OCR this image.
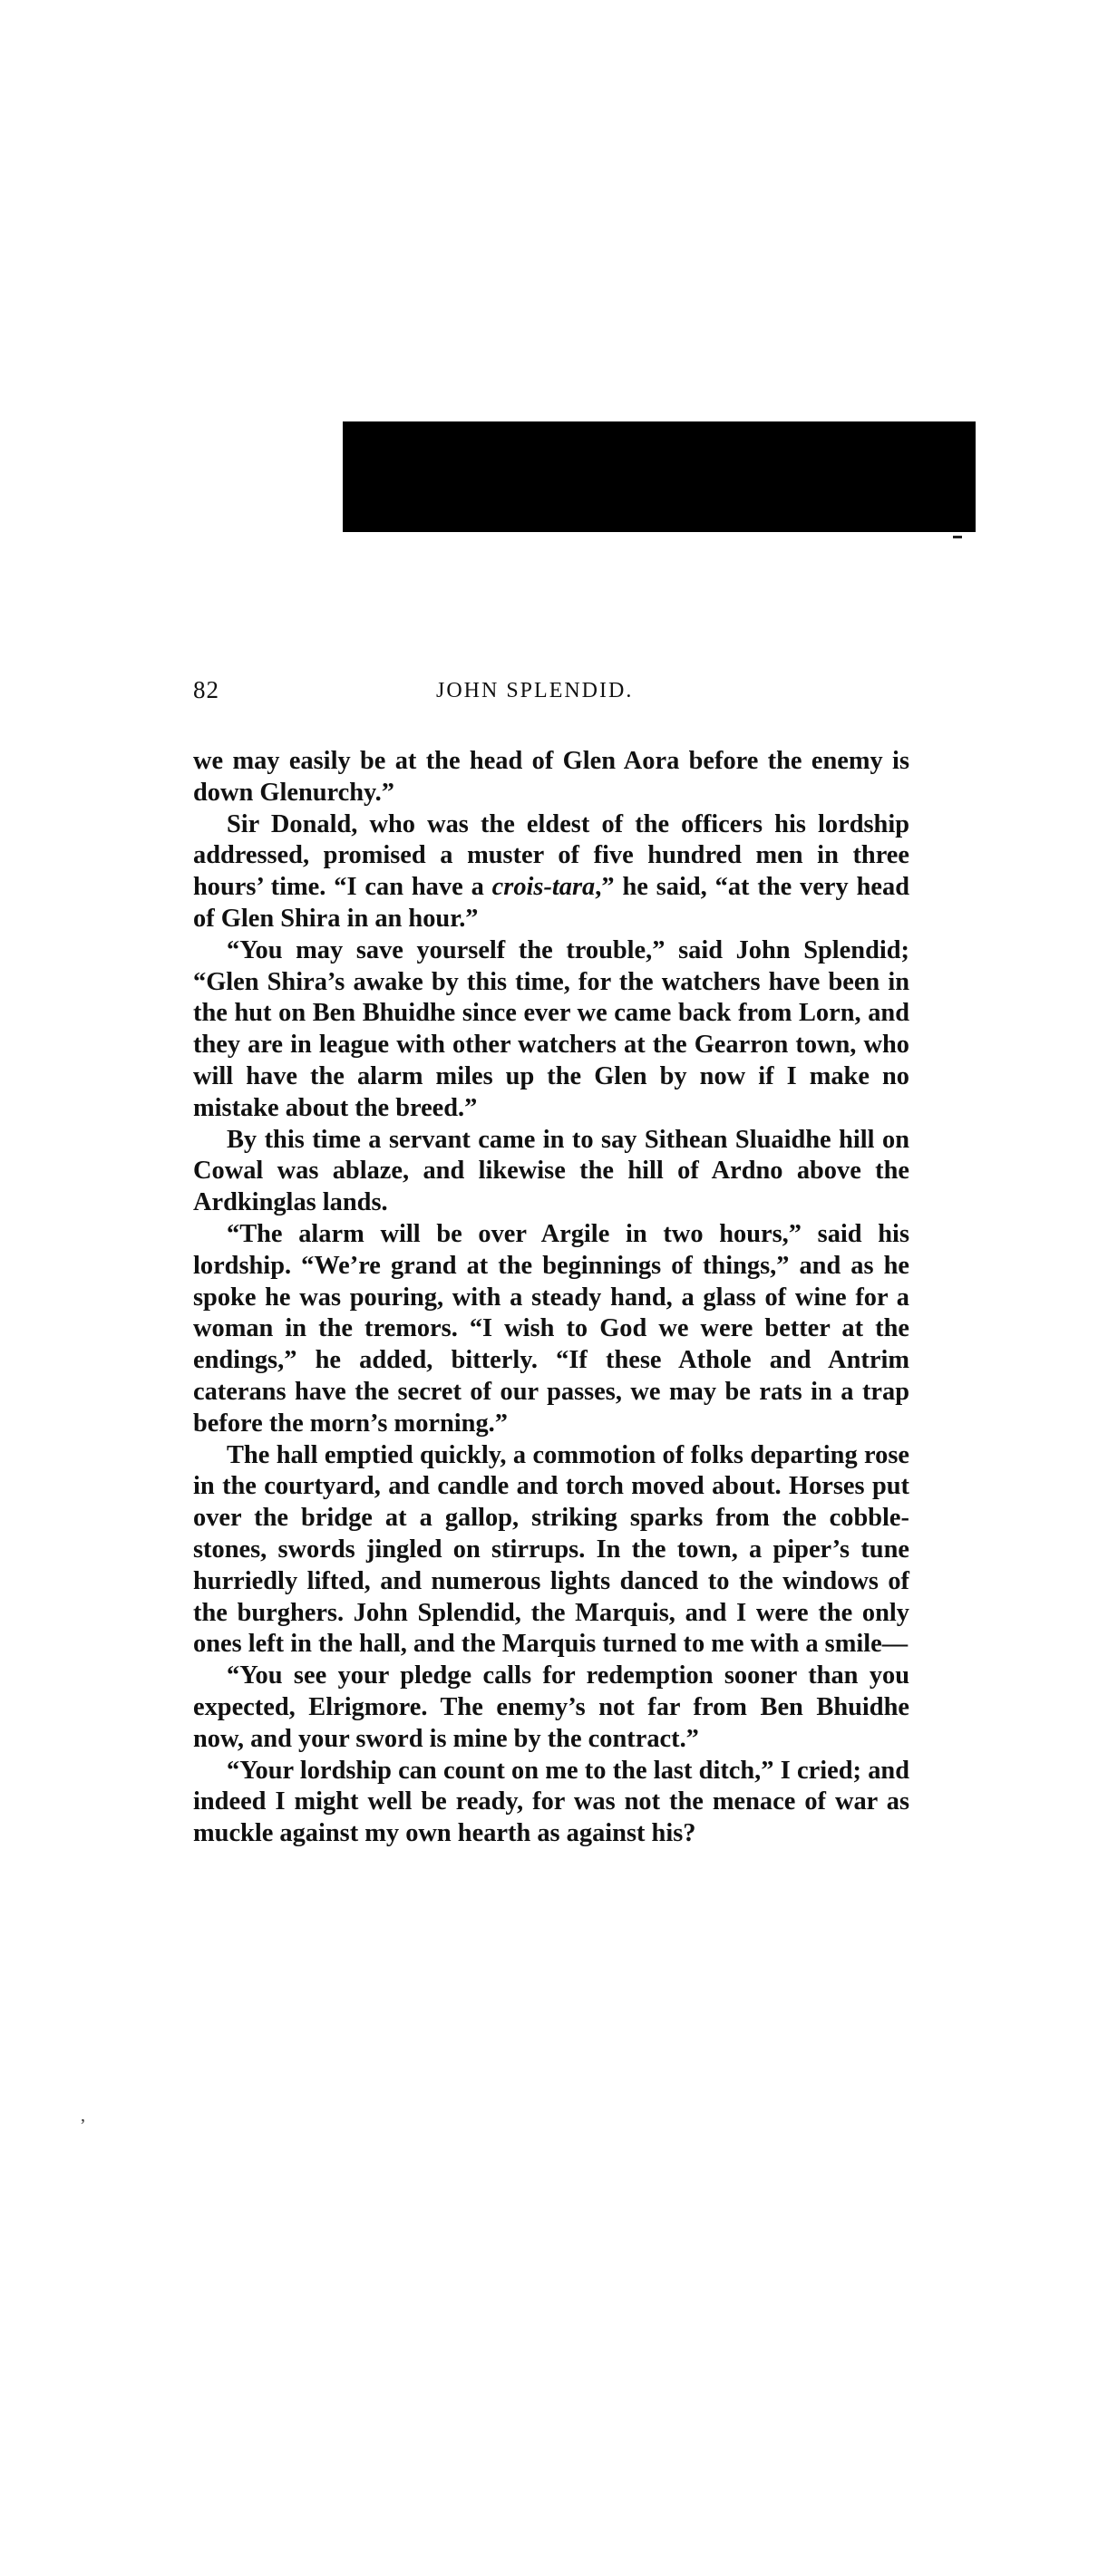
82	JOHN SPLENDID.

we may easily be at the head of Glen Aora before the enemy is down Glenurchy.”

Sir Donald, who was the eldest of the officers his lordship addressed, promised a muster of five hundred men in three hours’ time. “I can have a crois-tara,” he said, “at the very head of Glen Shira in an hour.”

“You may save yourself the trouble,” said John Splendid; “Glen Shira’s awake by this time, for the watchers have been in the hut on Ben Bhuidhe since ever we came back from Lorn, and they are in league with other watchers at the Gearron town, who will have the alarm miles up the Glen by now if I make no mistake about the breed.”

By this time a servant came in to say Sithean Sluaidhe hill on Cowal was ablaze, and likewise the hill of Ardno above the Ardkinglas lands.

“The alarm will be over Argile in two hours,” said his lordship. “We’re grand at the beginnings of things,” and as he spoke he was pouring, with a steady hand, a glass of wine for a woman in the tremors. “I wish to God we were better at the endings,” he added, bitterly. “If these Athole and Antrim caterans have the secret of our passes, we may be rats in a trap before the morn’s morning.”

The hall emptied quickly, a commotion of folks departing rose in the courtyard, and candle and torch moved about. Horses put over the bridge at a gallop, striking sparks from the cobble-stones, swords jingled on stirrups. In the town, a piper’s tune hurriedly lifted, and numerous lights danced to the windows of the burghers. John Splendid, the Marquis, and I were the only ones left in the hall, and the Marquis turned to me with a smile—

“You see your pledge calls for redemption sooner than you expected, Elrigmore. The enemy’s not far from Ben Bhuidhe now, and your sword is mine by the contract.”

“Your lordship can count on me to the last ditch,” I cried; and indeed I might well be ready, for was not the menace of war as muckle against my own hearth as against his?

’
